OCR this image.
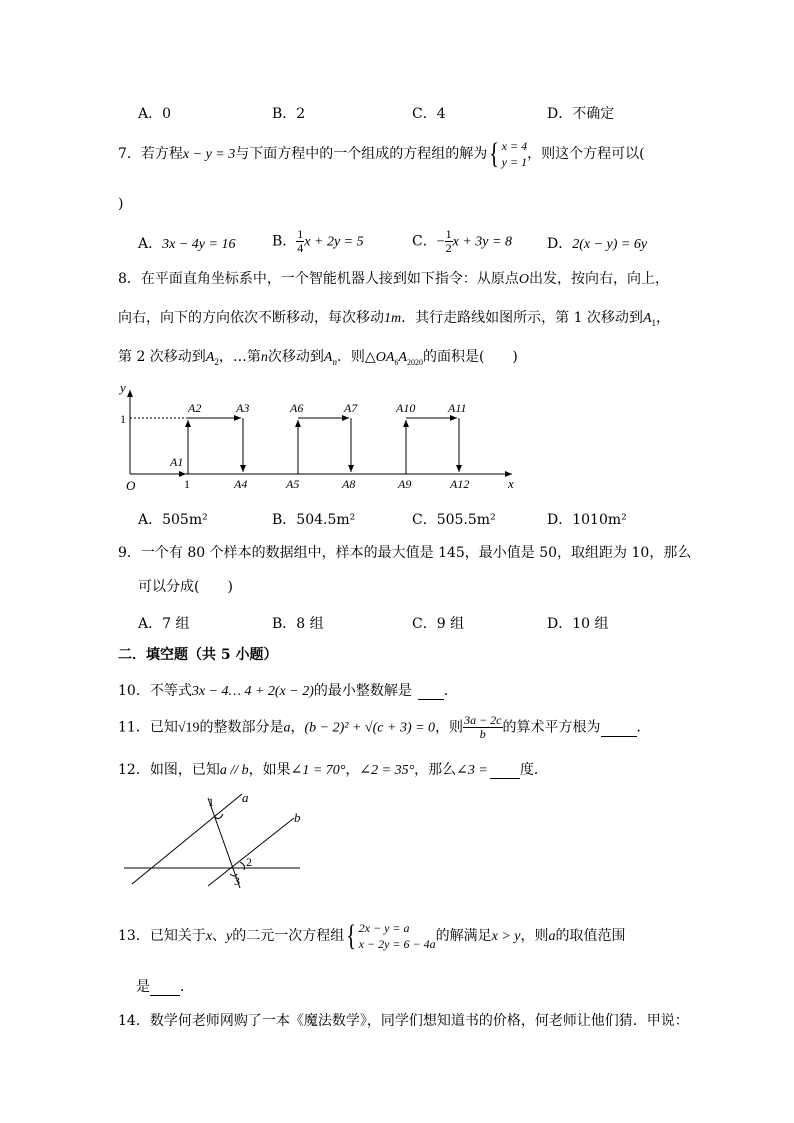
A．0	B．2	C．4	D．不确定
7．若方程x − y = 3与下面方程中的一个组成的方程组的解为{ x = 4
y = 1 ，则这个方程可以(
)
A．3x − 4y = 16	B． $\frac{1}{4}$ x + 2y = 5	C．− $\frac{1}{2}$ x + 3y = 8	D．2(x − y) = 6y
8．在平面直角坐标系中，一个智能机器人接到如下指令：从原点O出发，按向右，向上，
向右，向下的方向依次不断移动，每次移动1m．其行走路线如图所示，第 1 次移动到$A_1$，
第 2 次移动到$A_2$，…第n次移动到$A_n$．则$\triangle OA_6A_{2020}$的面积是(　　)
y
x
O
1
1
A1
A2	A3
A4	A5
A6	A7
A8	A9
A10	A11
A12
A．505m²	B．504.5m²	C．505.5m²	D．1010m²
9．一个有 80 个样本的数据组中，样本的最大值是 145，最小值是 50，取组距为 10，那么
可以分成(　　)
A．7 组	B．8 组	C．9 组	D．10 组
二．填空题（共 5 小题）
10．不等式3x − 4… 4 + 2(x − 2)的最小整数解是 ．
11．已知√19的整数部分是a，(b − 2)² + √(c + 3) = 0，则 $\frac{3a - 2c}{b}$ 的算术平方根为	．
12．如图，已知a // b，如果∠1 = 70°，∠2 = 35°，那么∠3 = 度．
a
b
1
2
3
13．已知关于x、y的二元一次方程组{ 2x − y = a
x − 2y = 6 − 4a 的解满足x > y，则a的取值范围
是 ．
14．数学何老师网购了一本《魔法数学》，同学们想知道书的价格，何老师让他们猜．甲说：
